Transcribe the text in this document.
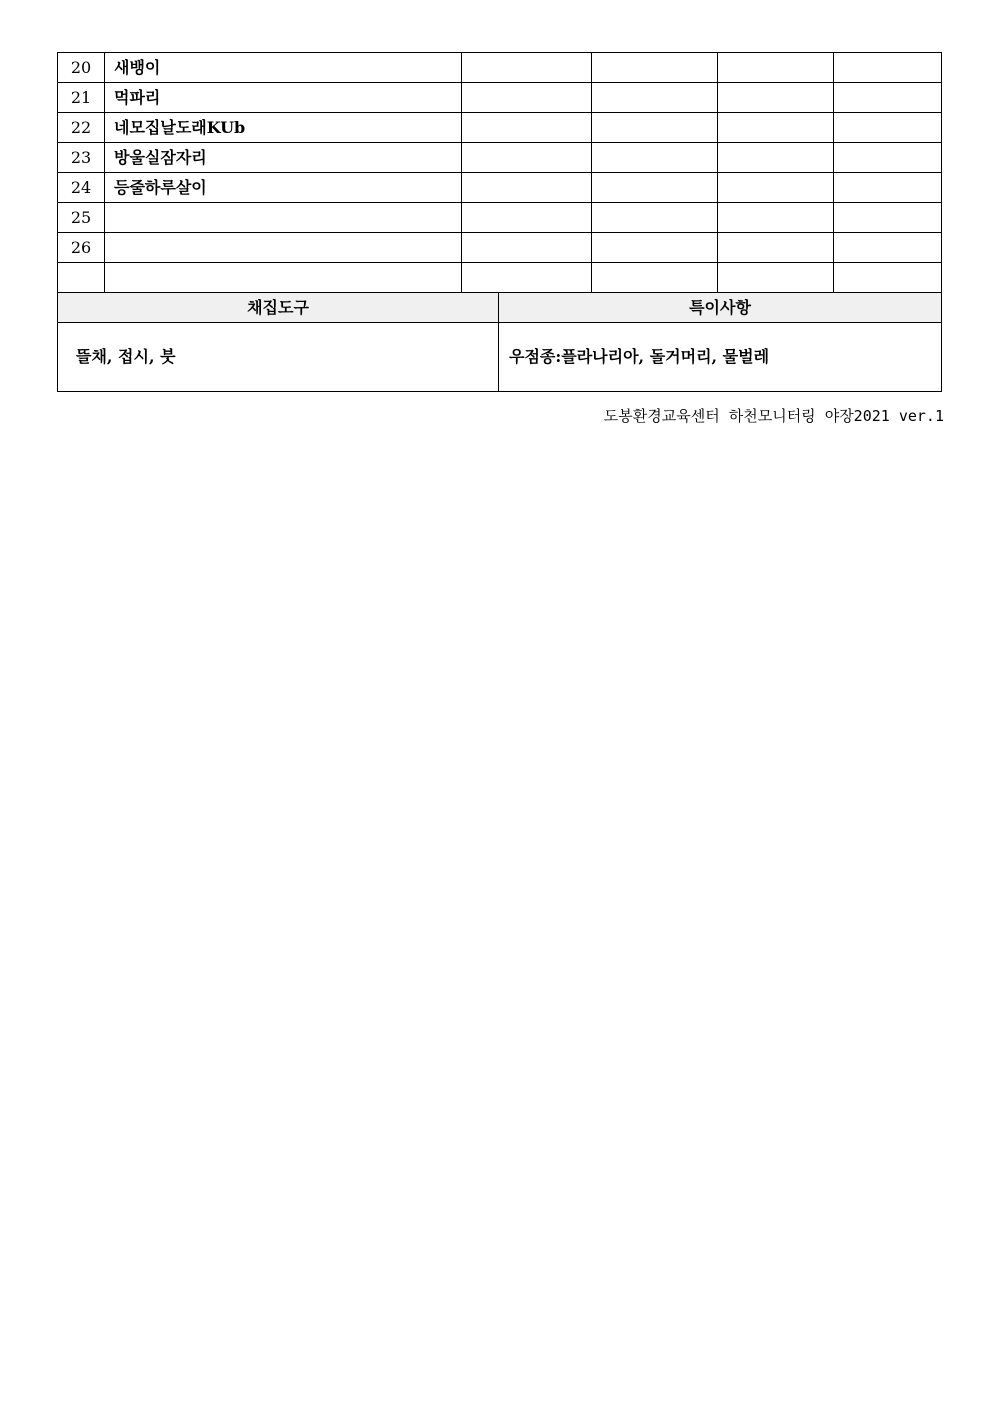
20	새뱅이					
21	먹파리					
22	네모집날도래KUb					
23	방울실잠자리					
24	등줄하루살이					
25						
26						

채집도구			특이사항			
뜰채, 접시, 붓			우점종:플라나리아, 돌거머리, 물벌레			
도봉환경교육센터 하천모니터링 야장2021 ver.1
